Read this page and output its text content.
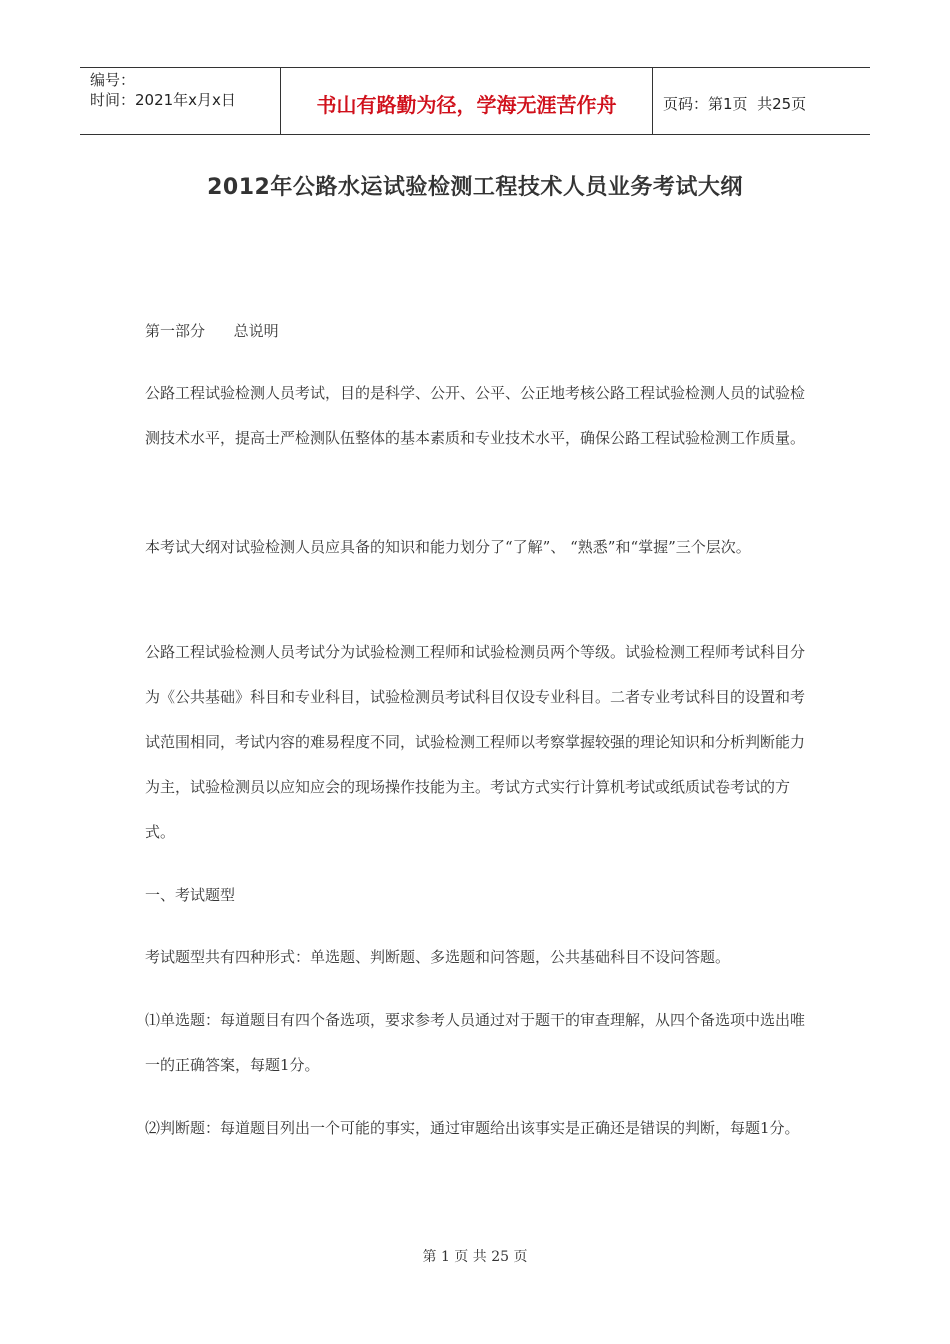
编号：
时间：2021年x月x日	书山有路勤为径，学海无涯苦作舟	页码：第1页  共25页
2012年公路水运试验检测工程技术人员业务考试大纲
第一部分      总说明

公路工程试验检测人员考试，目的是科学、公开、公平、公正地考核公路工程试验检测人员的试验检测技术水平，提高士严检测队伍整体的基本素质和专业技术水平，确保公路工程试验检测工作质量。

本考试大纲对试验检测人员应具备的知识和能力划分了“了解”、 “熟悉”和“掌握”三个层次。

公路工程试验检测人员考试分为试验检测工程师和试验检测员两个等级。试验检测工程师考试科目分为《公共基础》科目和专业科目，试验检测员考试科目仅设专业科目。二者专业考试科目的设置和考试范围相同，考试内容的难易程度不同，试验检测工程师以考察掌握较强的理论知识和分析判断能力为主，试验检测员以应知应会的现场操作技能为主。考试方式实行计算机考试或纸质试卷考试的方式。

一、考试题型

考试题型共有四种形式：单选题、判断题、多选题和问答题，公共基础科目不设问答题。

⑴单选题：每道题目有四个备选项，要求参考人员通过对于题干的审查理解，从四个备选项中选出唯一的正确答案，每题1分。

⑵判断题：每道题目列出一个可能的事实，通过审题给出该事实是正确还是错误的判断，每题1分。

第 1 页 共 25 页
